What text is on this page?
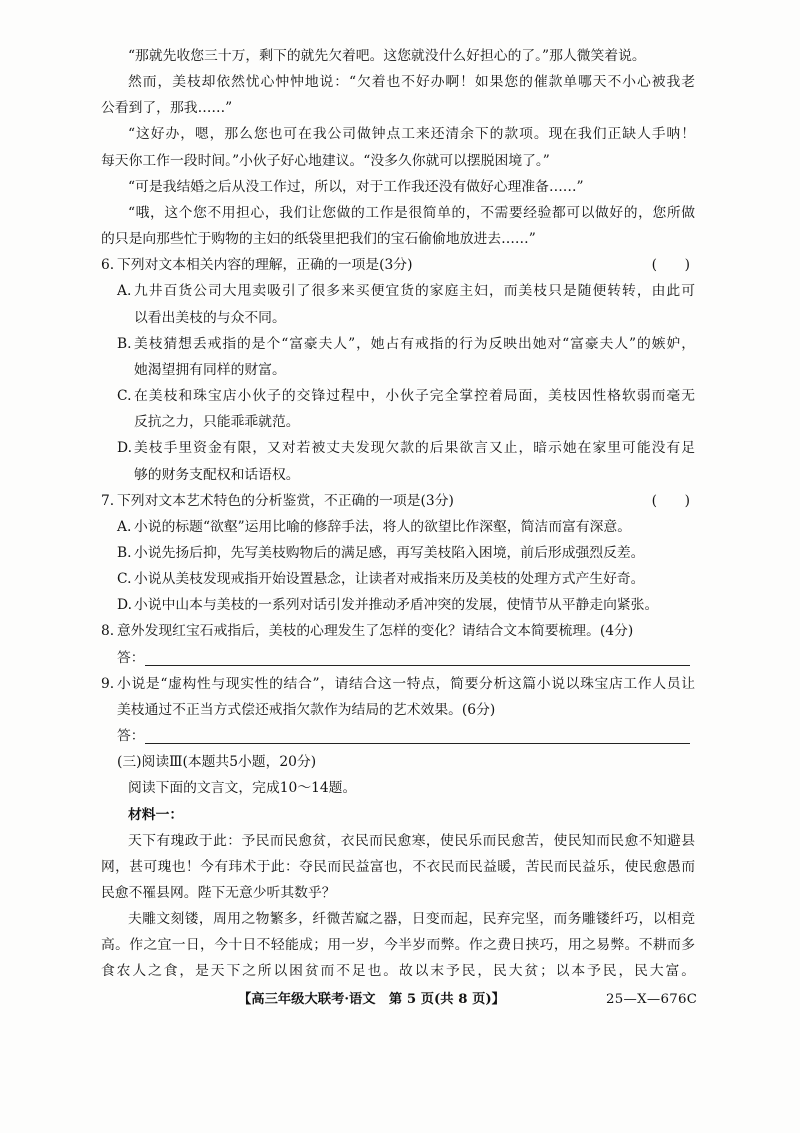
“那就先收您三十万，剩下的就先欠着吧。这您就没什么好担心的了。”那人微笑着说。
然而，美枝却依然忧心忡忡地说：“欠着也不好办啊！如果您的催款单哪天不小心被我老
公看到了，那我……”
“这好办，嗯，那么您也可在我公司做钟点工来还清余下的款项。现在我们正缺人手呐！
每天你工作一段时间。”小伙子好心地建议。“没多久你就可以摆脱困境了。”
“可是我结婚之后从没工作过，所以，对于工作我还没有做好心理准备……”
“哦，这个您不用担心，我们让您做的工作是很简单的，不需要经验都可以做好的，您所做
的只是向那些忙于购物的主妇的纸袋里把我们的宝石偷偷地放进去……”
6. 下列对文本相关内容的理解，正确的一项是(3分)	(　　)
A. 九井百货公司大甩卖吸引了很多来买便宜货的家庭主妇，而美枝只是随便转转，由此可
以看出美枝的与众不同。
B. 美枝猜想丢戒指的是个“富豪夫人”，她占有戒指的行为反映出她对“富豪夫人”的嫉妒，
她渴望拥有同样的财富。
C. 在美枝和珠宝店小伙子的交锋过程中，小伙子完全掌控着局面，美枝因性格软弱而毫无
反抗之力，只能乖乖就范。
D. 美枝手里资金有限，又对若被丈夫发现欠款的后果欲言又止，暗示她在家里可能没有足
够的财务支配权和话语权。
7. 下列对文本艺术特色的分析鉴赏，不正确的一项是(3分)	(　　)
A. 小说的标题“欲壑”运用比喻的修辞手法，将人的欲望比作深壑，简洁而富有深意。
B. 小说先扬后抑，先写美枝购物后的满足感，再写美枝陷入困境，前后形成强烈反差。
C. 小说从美枝发现戒指开始设置悬念，让读者对戒指来历及美枝的处理方式产生好奇。
D. 小说中山本与美枝的一系列对话引发并推动矛盾冲突的发展，使情节从平静走向紧张。
8. 意外发现红宝石戒指后，美枝的心理发生了怎样的变化？请结合文本简要梳理。(4分)
答：
9. 小说是“虚构性与现实性的结合”，请结合这一特点，简要分析这篇小说以珠宝店工作人员让
美枝通过不正当方式偿还戒指欠款作为结局的艺术效果。(6分)
答：
(三)阅读Ⅲ(本题共5小题，20分)
阅读下面的文言文，完成10～14题。
材料一：
天下有瑰政于此：予民而民愈贫，衣民而民愈寒，使民乐而民愈苦，使民知而民愈不知避县
网，甚可瑰也！今有玮术于此：夺民而民益富也，不衣民而民益暖，苦民而民益乐，使民愈愚而
民愈不罹县网。陛下无意少听其数乎？
夫雕文刻镂，周用之物繁多，纤微苦窳之器，日变而起，民弃完坚，而务雕镂纤巧，以相竞
高。作之宜一日，今十日不轻能成；用一岁，今半岁而弊。作之费日挟巧，用之易弊。不耕而多
食农人之食，是天下之所以困贫而不足也。故以末予民，民大贫；以本予民，民大富。
【高三年级大联考·语文　第 5 页(共 8 页)】	25—X—676C
